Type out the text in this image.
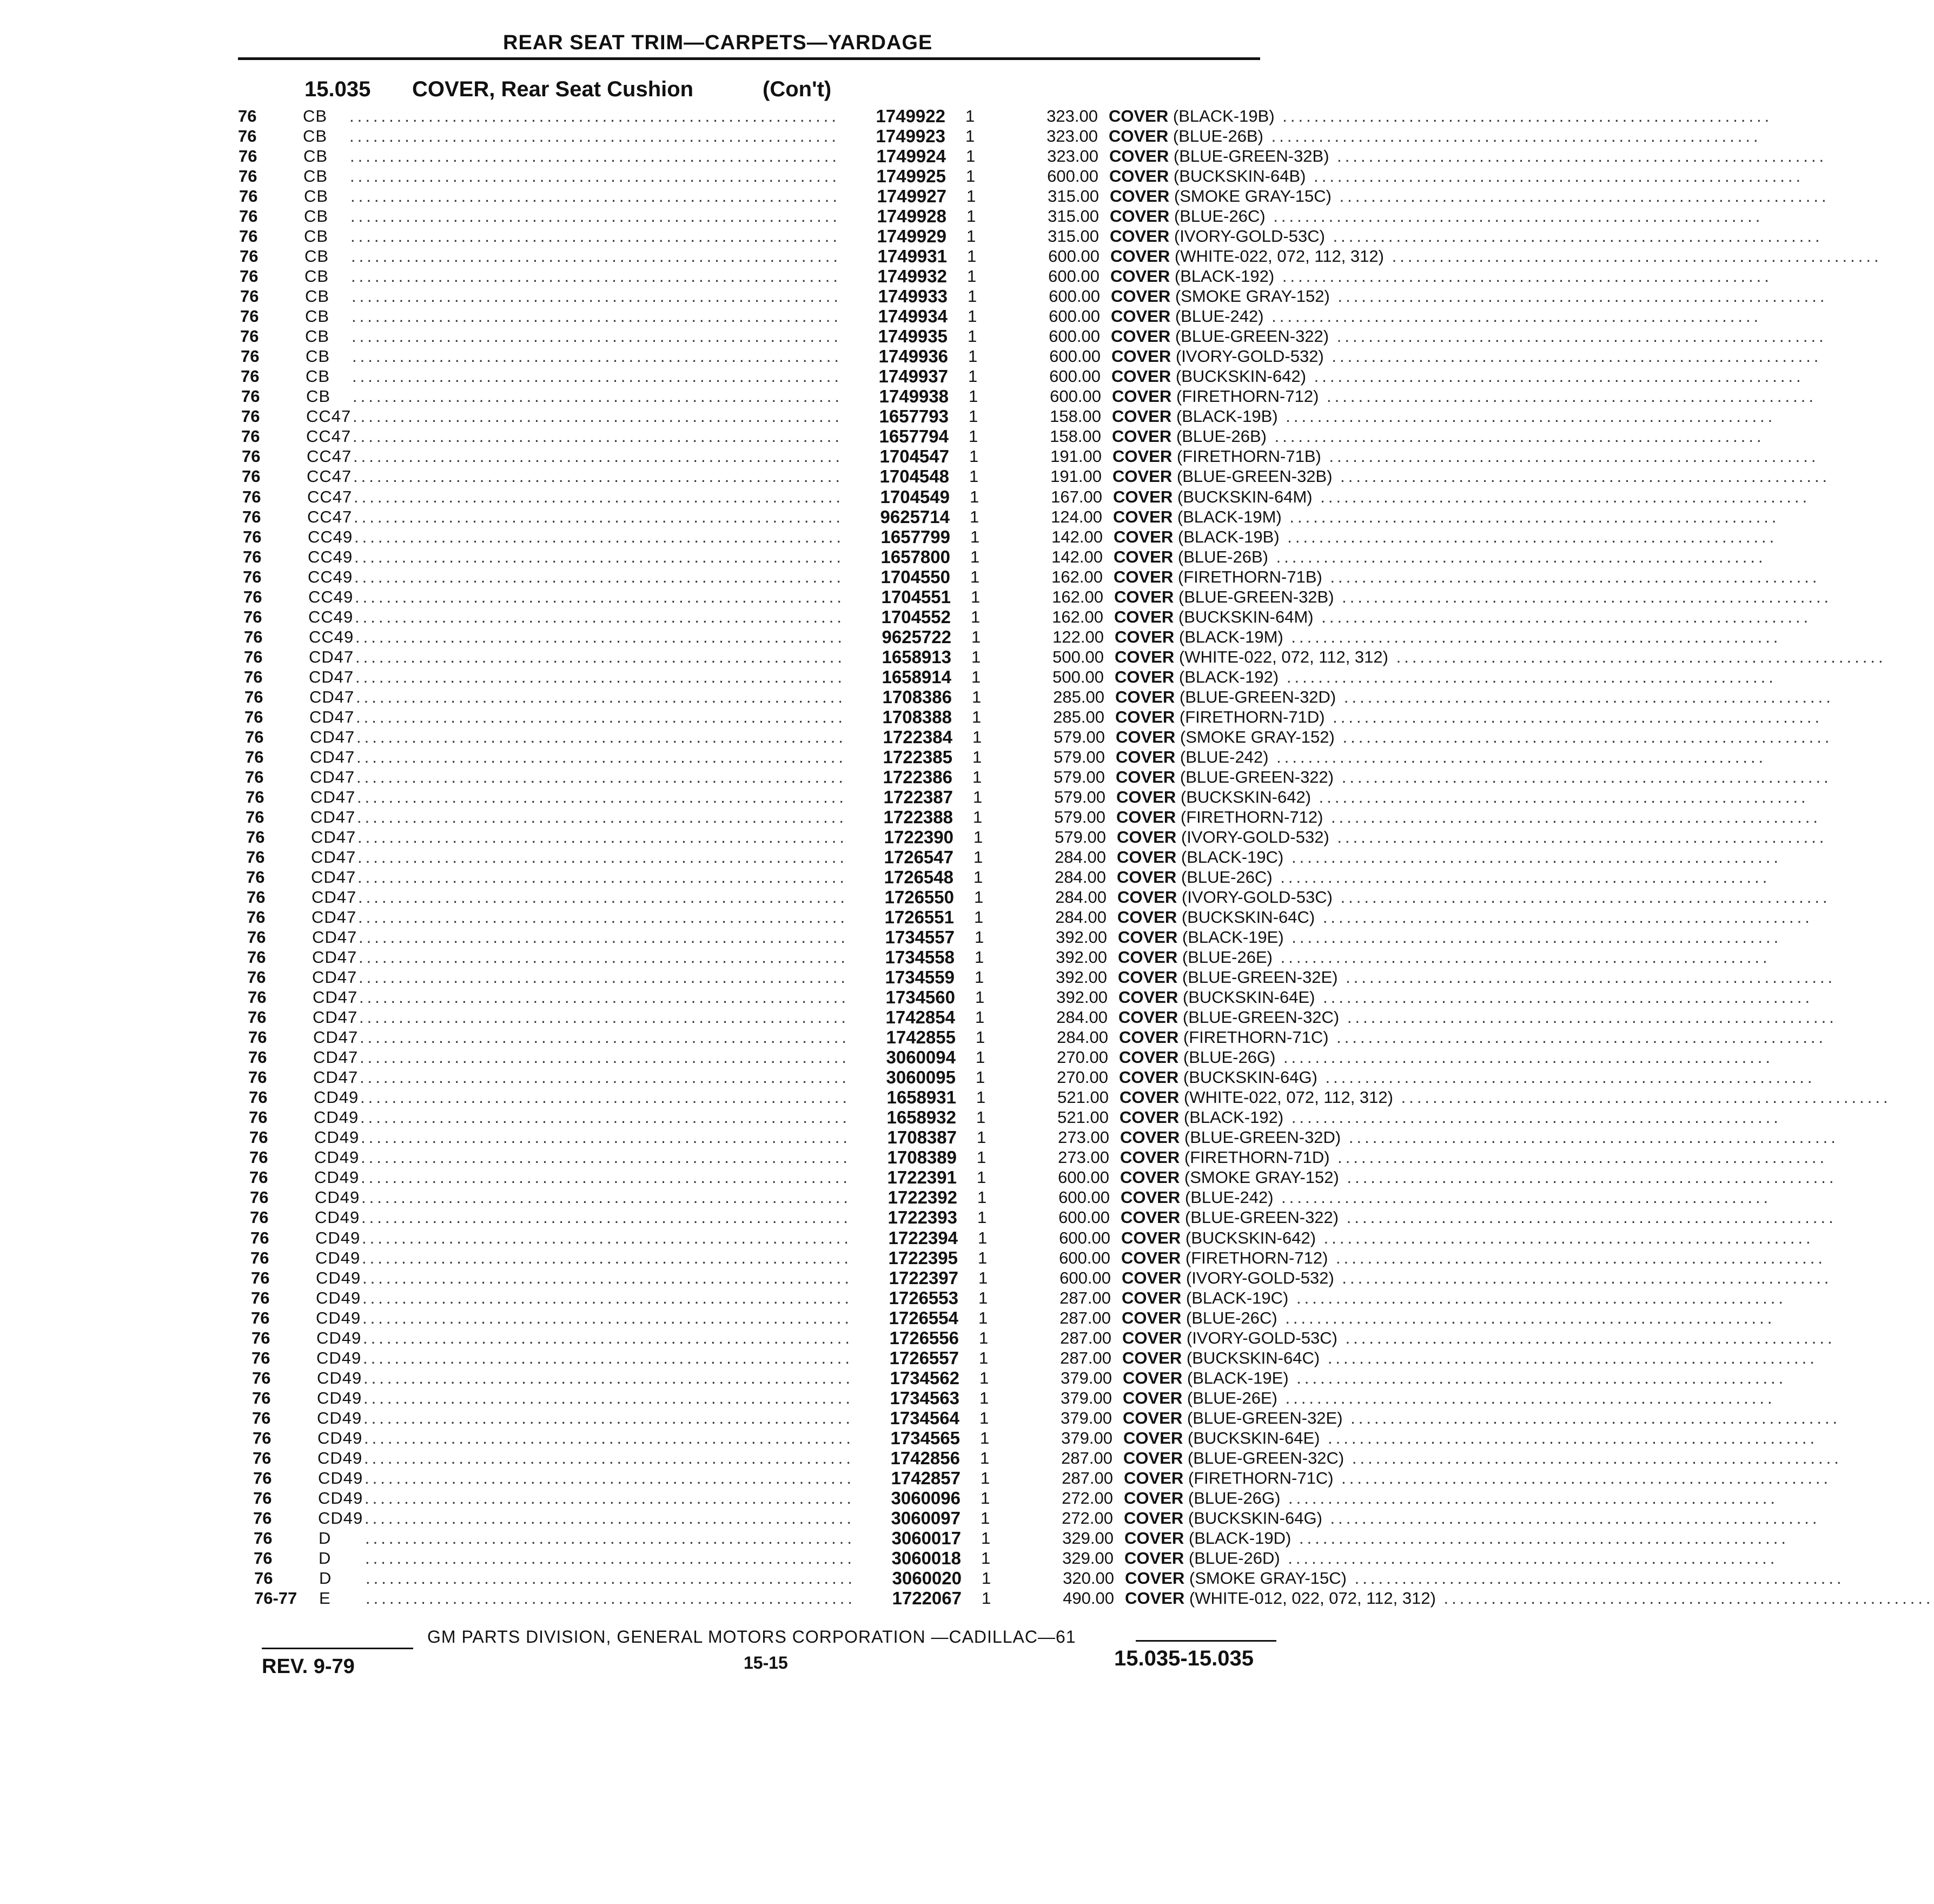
REAR SEAT TRIM—CARPETS—YARDAGE
15.035 COVER, Rear Seat Cushion	(Con't)
76	CB ..............................................................	1749922 1	323.00 COVER (BLACK-19B) ..............................................................
76	CB ..............................................................	1749923 1	323.00 COVER (BLUE-26B) ..............................................................
76	CB ..............................................................	1749924 1	323.00 COVER (BLUE-GREEN-32B) ..............................................................
76	CB ..............................................................	1749925 1	600.00 COVER (BUCKSKIN-64B) ..............................................................
76	CB ..............................................................	1749927 1	315.00 COVER (SMOKE GRAY-15C) ..............................................................
76	CB ..............................................................	1749928 1	315.00 COVER (BLUE-26C) ..............................................................
76	CB ..............................................................	1749929 1	315.00 COVER (IVORY-GOLD-53C) ..............................................................
76	CB ..............................................................	1749931 1	600.00 COVER (WHITE-022, 072, 112, 312) ..............................................................
76	CB ..............................................................	1749932 1	600.00 COVER (BLACK-192) ..............................................................
76	CB ..............................................................	1749933 1	600.00 COVER (SMOKE GRAY-152) ..............................................................
76	CB ..............................................................	1749934 1	600.00 COVER (BLUE-242) ..............................................................
76	CB ..............................................................	1749935 1	600.00 COVER (BLUE-GREEN-322) ..............................................................
76	CB ..............................................................	1749936 1	600.00 COVER (IVORY-GOLD-532) ..............................................................
76	CB ..............................................................	1749937 1	600.00 COVER (BUCKSKIN-642) ..............................................................
76	CB ..............................................................	1749938 1	600.00 COVER (FIRETHORN-712) ..............................................................
76	CC47 ..............................................................	1657793 1	158.00 COVER (BLACK-19B) ..............................................................
76	CC47 ..............................................................	1657794 1	158.00 COVER (BLUE-26B) ..............................................................
76	CC47 ..............................................................	1704547 1	191.00 COVER (FIRETHORN-71B) ..............................................................
76	CC47 ..............................................................	1704548 1	191.00 COVER (BLUE-GREEN-32B) ..............................................................
76	CC47 ..............................................................	1704549 1	167.00 COVER (BUCKSKIN-64M) ..............................................................
76	CC47 ..............................................................	9625714 1	124.00 COVER (BLACK-19M) ..............................................................
76	CC49 ..............................................................	1657799 1	142.00 COVER (BLACK-19B) ..............................................................
76	CC49 ..............................................................	1657800 1	142.00 COVER (BLUE-26B) ..............................................................
76	CC49 ..............................................................	1704550 1	162.00 COVER (FIRETHORN-71B) ..............................................................
76	CC49 ..............................................................	1704551 1	162.00 COVER (BLUE-GREEN-32B) ..............................................................
76	CC49 ..............................................................	1704552 1	162.00 COVER (BUCKSKIN-64M) ..............................................................
76	CC49 ..............................................................	9625722 1	122.00 COVER (BLACK-19M) ..............................................................
76	CD47 ..............................................................	1658913 1	500.00 COVER (WHITE-022, 072, 112, 312) ..............................................................
76	CD47 ..............................................................	1658914 1	500.00 COVER (BLACK-192) ..............................................................
76	CD47 ..............................................................	1708386 1	285.00 COVER (BLUE-GREEN-32D) ..............................................................
76	CD47 ..............................................................	1708388 1	285.00 COVER (FIRETHORN-71D) ..............................................................
76	CD47 ..............................................................	1722384 1	579.00 COVER (SMOKE GRAY-152) ..............................................................
76	CD47 ..............................................................	1722385 1	579.00 COVER (BLUE-242) ..............................................................
76	CD47 ..............................................................	1722386 1	579.00 COVER (BLUE-GREEN-322) ..............................................................
76	CD47 ..............................................................	1722387 1	579.00 COVER (BUCKSKIN-642) ..............................................................
76	CD47 ..............................................................	1722388 1	579.00 COVER (FIRETHORN-712) ..............................................................
76	CD47 ..............................................................	1722390 1	579.00 COVER (IVORY-GOLD-532) ..............................................................
76	CD47 ..............................................................	1726547 1	284.00 COVER (BLACK-19C) ..............................................................
76	CD47 ..............................................................	1726548 1	284.00 COVER (BLUE-26C) ..............................................................
76	CD47 ..............................................................	1726550 1	284.00 COVER (IVORY-GOLD-53C) ..............................................................
76	CD47 ..............................................................	1726551 1	284.00 COVER (BUCKSKIN-64C) ..............................................................
76	CD47 ..............................................................	1734557 1	392.00 COVER (BLACK-19E) ..............................................................
76	CD47 ..............................................................	1734558 1	392.00 COVER (BLUE-26E) ..............................................................
76	CD47 ..............................................................	1734559 1	392.00 COVER (BLUE-GREEN-32E) ..............................................................
76	CD47 ..............................................................	1734560 1	392.00 COVER (BUCKSKIN-64E) ..............................................................
76	CD47 ..............................................................	1742854 1	284.00 COVER (BLUE-GREEN-32C) ..............................................................
76	CD47 ..............................................................	1742855 1	284.00 COVER (FIRETHORN-71C) ..............................................................
76	CD47 ..............................................................	3060094 1	270.00 COVER (BLUE-26G) ..............................................................
76	CD47 ..............................................................	3060095 1	270.00 COVER (BUCKSKIN-64G) ..............................................................
76	CD49 ..............................................................	1658931 1	521.00 COVER (WHITE-022, 072, 112, 312) ..............................................................
76	CD49 ..............................................................	1658932 1	521.00 COVER (BLACK-192) ..............................................................
76	CD49 ..............................................................	1708387 1	273.00 COVER (BLUE-GREEN-32D) ..............................................................
76	CD49 ..............................................................	1708389 1	273.00 COVER (FIRETHORN-71D) ..............................................................
76	CD49 ..............................................................	1722391 1	600.00 COVER (SMOKE GRAY-152) ..............................................................
76	CD49 ..............................................................	1722392 1	600.00 COVER (BLUE-242) ..............................................................
76	CD49 ..............................................................	1722393 1	600.00 COVER (BLUE-GREEN-322) ..............................................................
76	CD49 ..............................................................	1722394 1	600.00 COVER (BUCKSKIN-642) ..............................................................
76	CD49 ..............................................................	1722395 1	600.00 COVER (FIRETHORN-712) ..............................................................
76	CD49 ..............................................................	1722397 1	600.00 COVER (IVORY-GOLD-532) ..............................................................
76	CD49 ..............................................................	1726553 1	287.00 COVER (BLACK-19C) ..............................................................
76	CD49 ..............................................................	1726554 1	287.00 COVER (BLUE-26C) ..............................................................
76	CD49 ..............................................................	1726556 1	287.00 COVER (IVORY-GOLD-53C) ..............................................................
76	CD49 ..............................................................	1726557 1	287.00 COVER (BUCKSKIN-64C) ..............................................................
76	CD49 ..............................................................	1734562 1	379.00 COVER (BLACK-19E) ..............................................................
76	CD49 ..............................................................	1734563 1	379.00 COVER (BLUE-26E) ..............................................................
76	CD49 ..............................................................	1734564 1	379.00 COVER (BLUE-GREEN-32E) ..............................................................
76	CD49 ..............................................................	1734565 1	379.00 COVER (BUCKSKIN-64E) ..............................................................
76	CD49 ..............................................................	1742856 1	287.00 COVER (BLUE-GREEN-32C) ..............................................................
76	CD49 ..............................................................	1742857 1	287.00 COVER (FIRETHORN-71C) ..............................................................
76	CD49 ..............................................................	3060096 1	272.00 COVER (BLUE-26G) ..............................................................
76	CD49 ..............................................................	3060097 1	272.00 COVER (BUCKSKIN-64G) ..............................................................
76	D ..............................................................	3060017 1	329.00 COVER (BLACK-19D) ..............................................................
76	D ..............................................................	3060018 1	329.00 COVER (BLUE-26D) ..............................................................
76	D ..............................................................	3060020 1	320.00 COVER (SMOKE GRAY-15C) ..............................................................
76-77 E ..............................................................	1722067 1	490.00 COVER (WHITE-012, 022, 072, 112, 312) ..............................................................
GM PARTS DIVISION, GENERAL MOTORS CORPORATION —CADILLAC—61
REV. 9-79	15-15	15.035-15.035
